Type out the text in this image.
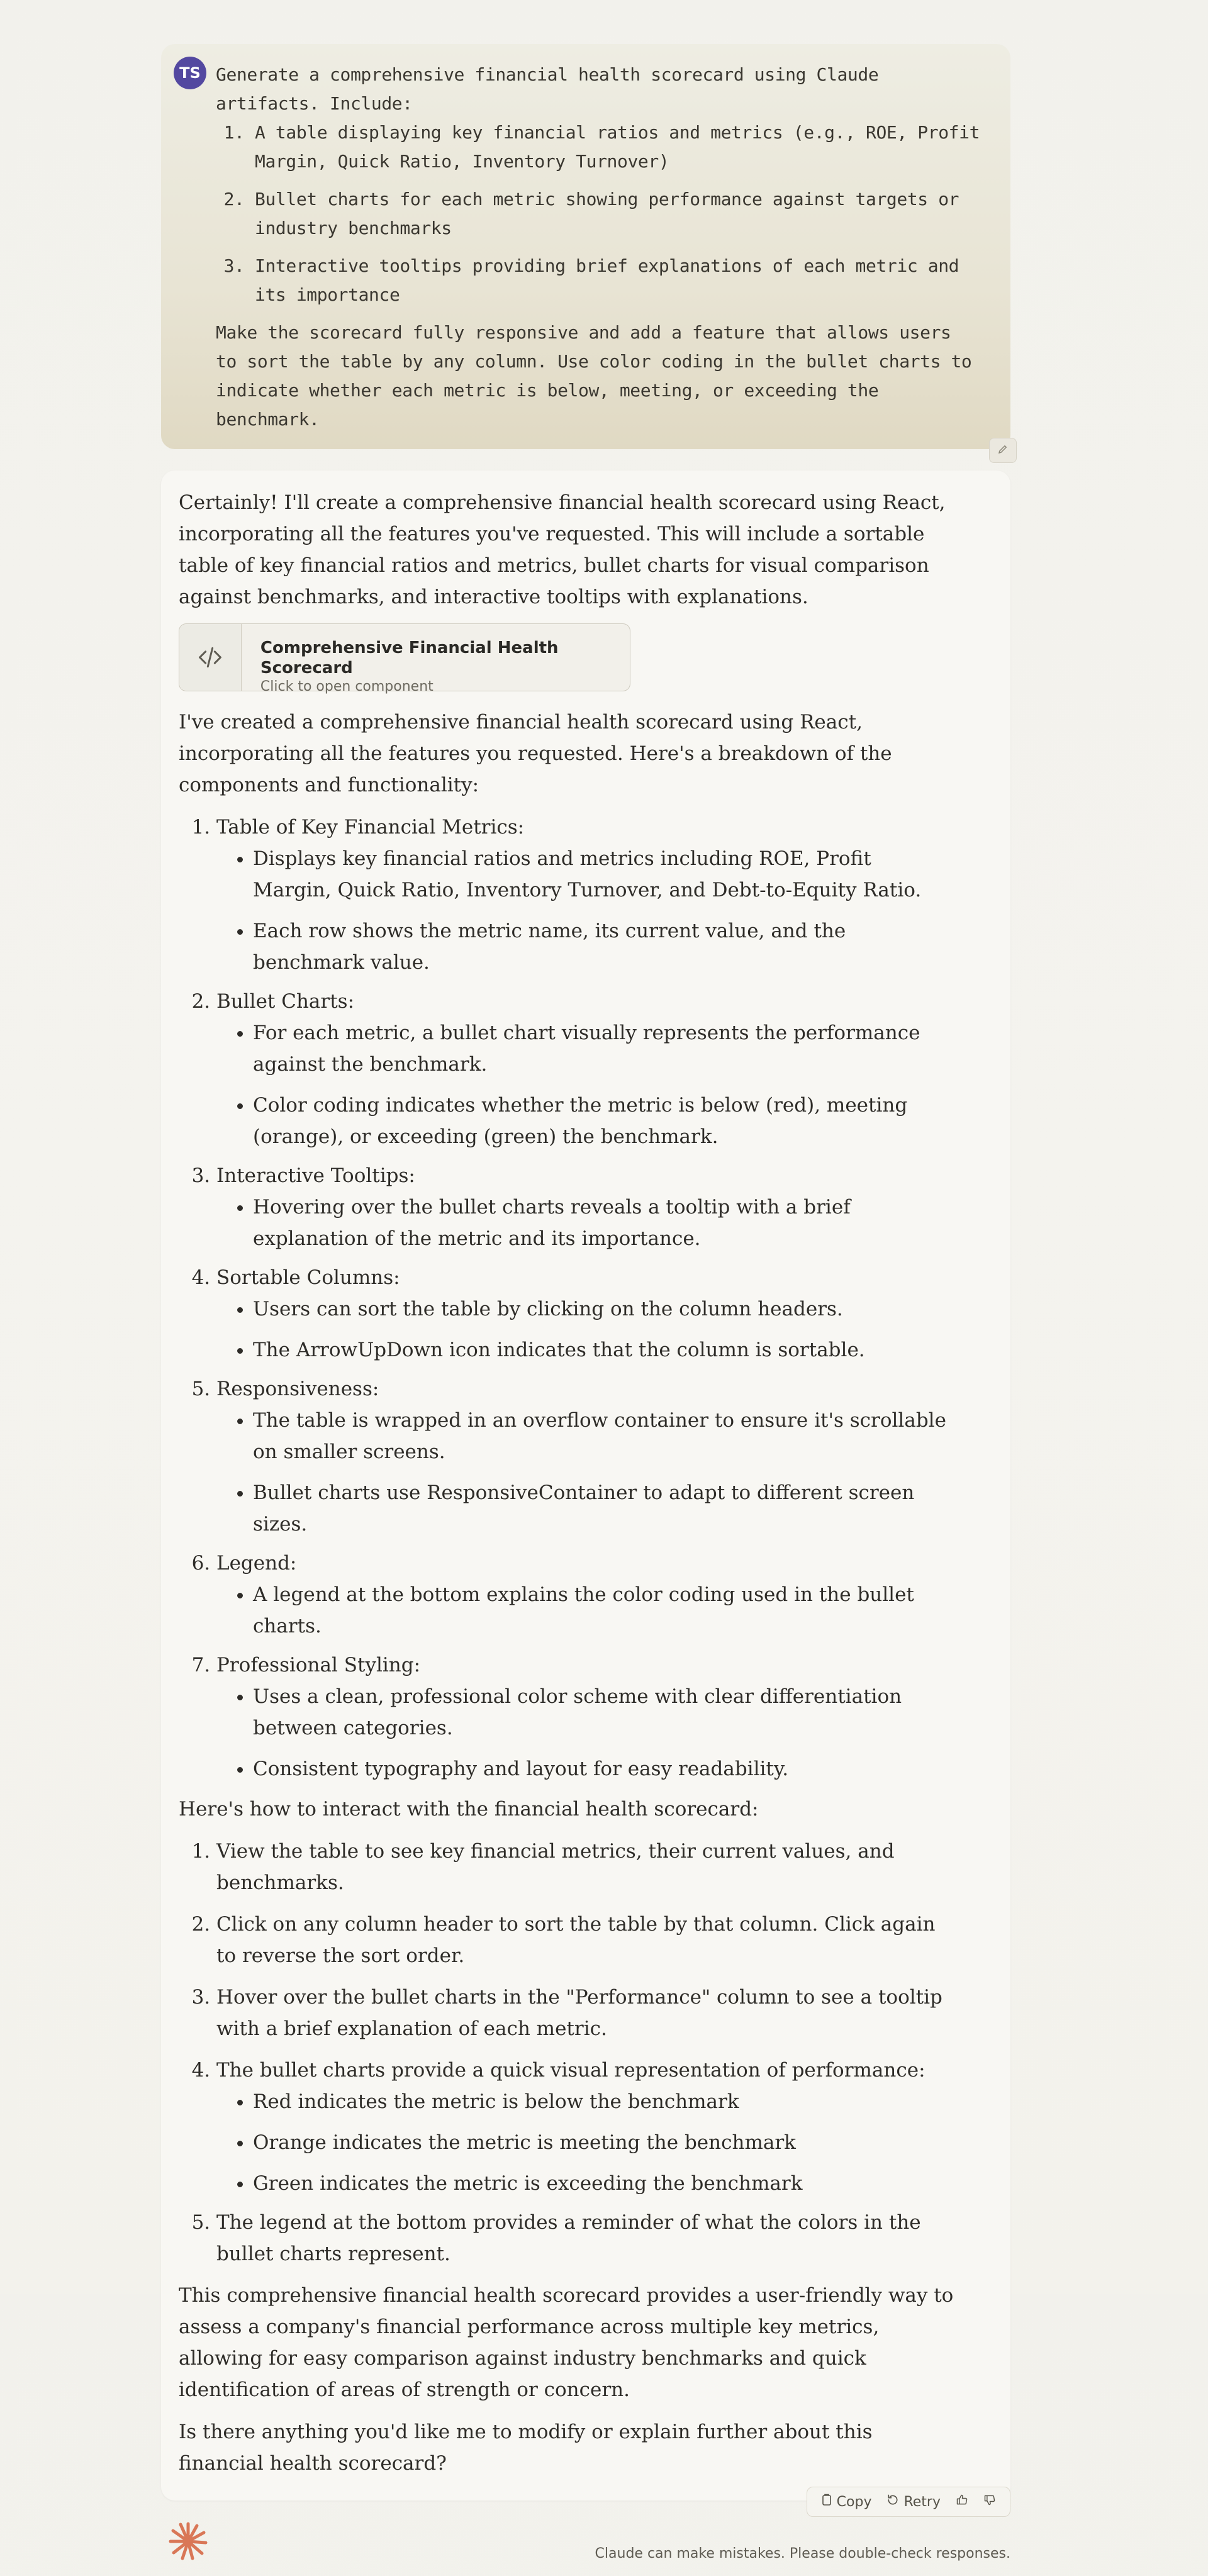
TS Generate a comprehensive financial health scorecard using Claude artifacts. Include:
1. A table displaying key financial ratios and metrics (e.g., ROE, Profit Margin, Quick Ratio, Inventory Turnover)
2. Bullet charts for each metric showing performance against targets or industry benchmarks
3. Interactive tooltips providing brief explanations of each metric and its importance
Make the scorecard fully responsive and add a feature that allows users to sort the table by any column. Use color coding in the bullet charts to indicate whether each metric is below, meeting, or exceeding the benchmark.

Certainly! I'll create a comprehensive financial health scorecard using React, incorporating all the features you've requested. This will include a sortable table of key financial ratios and metrics, bullet charts for visual comparison against benchmarks, and interactive tooltips with explanations.

Comprehensive Financial Health Scorecard
Click to open component

I've created a comprehensive financial health scorecard using React, incorporating all the features you requested. Here's a breakdown of the components and functionality:

1. Table of Key Financial Metrics:
• Displays key financial ratios and metrics including ROE, Profit Margin, Quick Ratio, Inventory Turnover, and Debt-to-Equity Ratio.
• Each row shows the metric name, its current value, and the benchmark value.
2. Bullet Charts:
• For each metric, a bullet chart visually represents the performance against the benchmark.
• Color coding indicates whether the metric is below (red), meeting (orange), or exceeding (green) the benchmark.
3. Interactive Tooltips:
• Hovering over the bullet charts reveals a tooltip with a brief explanation of the metric and its importance.
4. Sortable Columns:
• Users can sort the table by clicking on the column headers.
• The ArrowUpDown icon indicates that the column is sortable.
5. Responsiveness:
• The table is wrapped in an overflow container to ensure it's scrollable on smaller screens.
• Bullet charts use ResponsiveContainer to adapt to different screen sizes.
6. Legend:
• A legend at the bottom explains the color coding used in the bullet charts.
7. Professional Styling:
• Uses a clean, professional color scheme with clear differentiation between categories.
• Consistent typography and layout for easy readability.

Here's how to interact with the financial health scorecard:

1. View the table to see key financial metrics, their current values, and benchmarks.
2. Click on any column header to sort the table by that column. Click again to reverse the sort order.
3. Hover over the bullet charts in the "Performance" column to see a tooltip with a brief explanation of each metric.
4. The bullet charts provide a quick visual representation of performance:
• Red indicates the metric is below the benchmark
• Orange indicates the metric is meeting the benchmark
• Green indicates the metric is exceeding the benchmark
5. The legend at the bottom provides a reminder of what the colors in the bullet charts represent.

This comprehensive financial health scorecard provides a user-friendly way to assess a company's financial performance across multiple key metrics, allowing for easy comparison against industry benchmarks and quick identification of areas of strength or concern.

Is there anything you'd like me to modify or explain further about this financial health scorecard?

Copy Retry
Claude can make mistakes. Please double-check responses.
